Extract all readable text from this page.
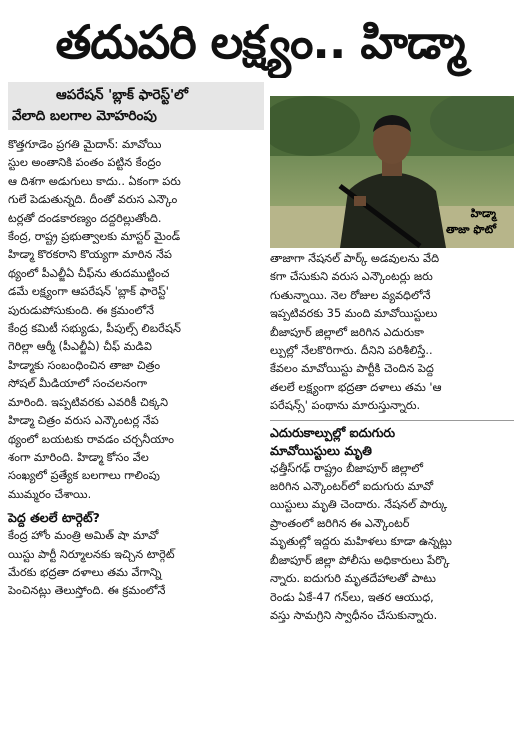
తదుపరి లక్ష్యం.. హిడ్మా
ఆపరేషన్ 'బ్లాక్ ఫారెస్ట్'లో
వేలాది బలగాల మోహరింపు
కొత్తగూడెం ప్రగతి మైదాన్: మావోయి
స్టుల అంతానికి పంతం పట్టిన కేంద్రం
ఆ దిశగా అడుగులు కాదు.. ఏకంగా పరు
గులే పెడుతున్నది. దీంతో వరుస ఎన్కౌం
టర్లతో దండకారణ్యం దద్దరిల్లుతోంది.
కేంద్ర, రాష్ట్ర ప్రభుత్వాలకు మాస్టర్ మైండ్
హిడ్మా కొరకరాని కొయ్యగా మారిన నేప
థ్యంలో పీఎల్జీఏ చీఫ్‌ను తుదముట్టించ
డమే లక్ష్యంగా ఆపరేషన్ 'బ్లాక్ ఫారెస్ట్'
పురుడుపోసుకుంది. ఈ క్రమంలోనే
కేంద్ర కమిటీ సభ్యుడు, పీపుల్స్ లిబరేషన్
గెరిల్లా ఆర్మీ (పీఎల్జీఏ) చీఫ్ మడివి
హిడ్మాకు సంబంధించిన తాజా చిత్రం
సోషల్ మీడియాలో సంచలనంగా
మారింది. ఇప్పటివరకు ఎవరికీ చిక్కని
హిడ్మా చిత్రం వరుస ఎన్కౌంటర్ల నేప
థ్యంలో బయటకు రావడం చర్చనీయాం
శంగా మారింది. హిడ్మా కోసం వేల
సంఖ్యలో ప్రత్యేక బలగాలు గాలింపు
ముమ్మరం చేశాయి.
పెద్ద తలలే టార్గెట్?
కేంద్ర హోం మంత్రి అమిత్ షా మావో
యిస్టు పార్టీ నిర్మూలనకు ఇచ్చిన టార్గెట్
మేరకు భద్రతా దళాలు తమ వేగాన్ని
పెంచినట్లు తెలుస్తోంది. ఈ క్రమంలోనే
హిడ్మా
తాజా ఫొటో
తాజాగా నేషనల్ పార్క్ అడవులను వేది
కగా చేసుకుని వరుస ఎన్కౌంటర్లు జరు
గుతున్నాయి. నెల రోజుల వ్యవధిలోనే
ఇప్పటివరకు 35 మంది మావోయిస్టులు
బీజాపూర్ జిల్లాలో జరిగిన ఎదురుకా
ల్పుల్లో నేలకొరిగారు. దీనిని పరిశీలిస్తే..
కేవలం మావోయిస్టు పార్టీకి చెందిన పెద్ద
తలలే లక్ష్యంగా భద్రతా దళాలు తమ 'ఆ
పరేషన్స్' పంథాను మారుస్తున్నారు.
ఎదురుకాల్పుల్లో ఐదుగురు
మావోయిస్టులు మృతి
ఛత్తీస్‌గఢ్ రాష్ట్రం బీజాపూర్ జిల్లాలో
జరిగిన ఎన్కౌంటర్‌లో ఐదుగురు మావో
యిస్టులు మృతి చెందారు. నేషనల్ పార్కు
ప్రాంతంలో జరిగిన ఈ ఎన్కౌంటర్
మృతుల్లో ఇద్దరు మహిళలు కూడా ఉన్నట్లు
బీజాపూర్ జిల్లా పోలీసు అధికారులు పేర్కొ
న్నారు. ఐదుగురి మృతదేహాలతో పాటు
రెండు ఏకే-47 గన్‌లు, ఇతర ఆయుధ,
వస్తు సామగ్రిని స్వాధీనం చేసుకున్నారు.
